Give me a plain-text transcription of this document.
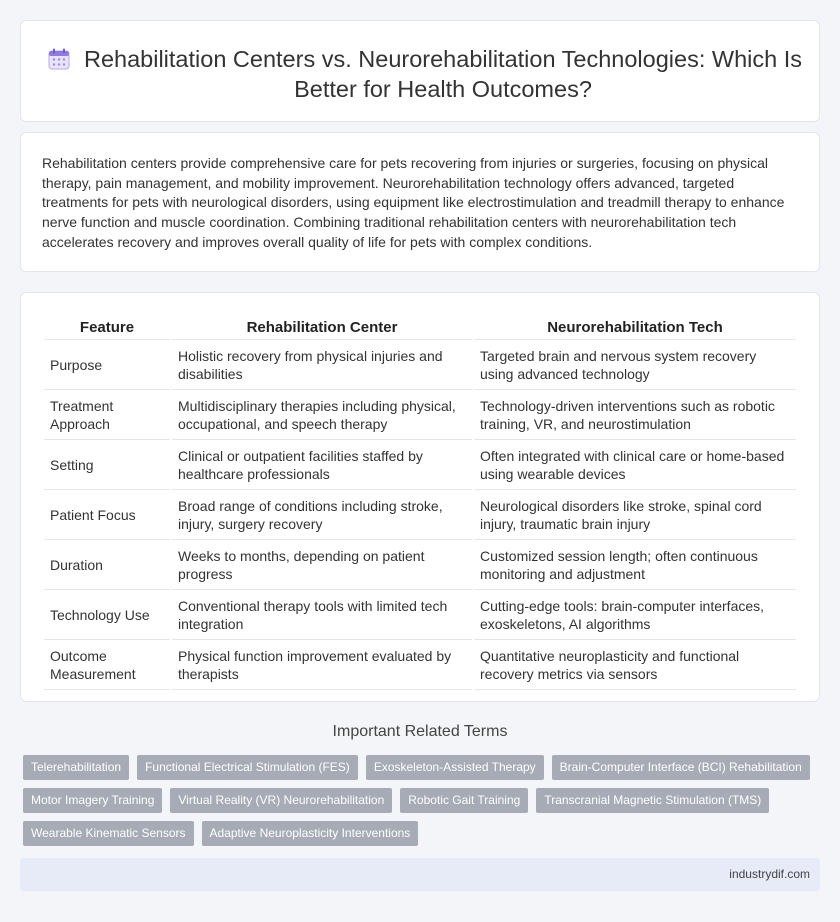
Rehabilitation Centers vs. Neurorehabilitation Technologies: Which Is Better for Health Outcomes?

Rehabilitation centers provide comprehensive care for pets recovering from injuries or surgeries, focusing on physical therapy, pain management, and mobility improvement. Neurorehabilitation technology offers advanced, targeted treatments for pets with neurological disorders, using equipment like electrostimulation and treadmill therapy to enhance nerve function and muscle coordination. Combining traditional rehabilitation centers with neurorehabilitation tech accelerates recovery and improves overall quality of life for pets with complex conditions.

Feature	Rehabilitation Center	Neurorehabilitation Tech
Purpose	Holistic recovery from physical injuries and disabilities	Targeted brain and nervous system recovery using advanced technology
Treatment Approach	Multidisciplinary therapies including physical, occupational, and speech therapy	Technology-driven interventions such as robotic training, VR, and neurostimulation
Setting	Clinical or outpatient facilities staffed by healthcare professionals	Often integrated with clinical care or home-based using wearable devices
Patient Focus	Broad range of conditions including stroke, injury, surgery recovery	Neurological disorders like stroke, spinal cord injury, traumatic brain injury
Duration	Weeks to months, depending on patient progress	Customized session length; often continuous monitoring and adjustment
Technology Use	Conventional therapy tools with limited tech integration	Cutting-edge tools: brain-computer interfaces, exoskeletons, AI algorithms
Outcome Measurement	Physical function improvement evaluated by therapists	Quantitative neuroplasticity and functional recovery metrics via sensors
Important Related Terms
Telerehabilitation	Functional Electrical Stimulation (FES)	Exoskeleton-Assisted Therapy	Brain-Computer Interface (BCI) Rehabilitation
Motor Imagery Training	Virtual Reality (VR) Neurorehabilitation	Robotic Gait Training	Transcranial Magnetic Stimulation (TMS)
Wearable Kinematic Sensors	Adaptive Neuroplasticity Interventions
industrydif.com
